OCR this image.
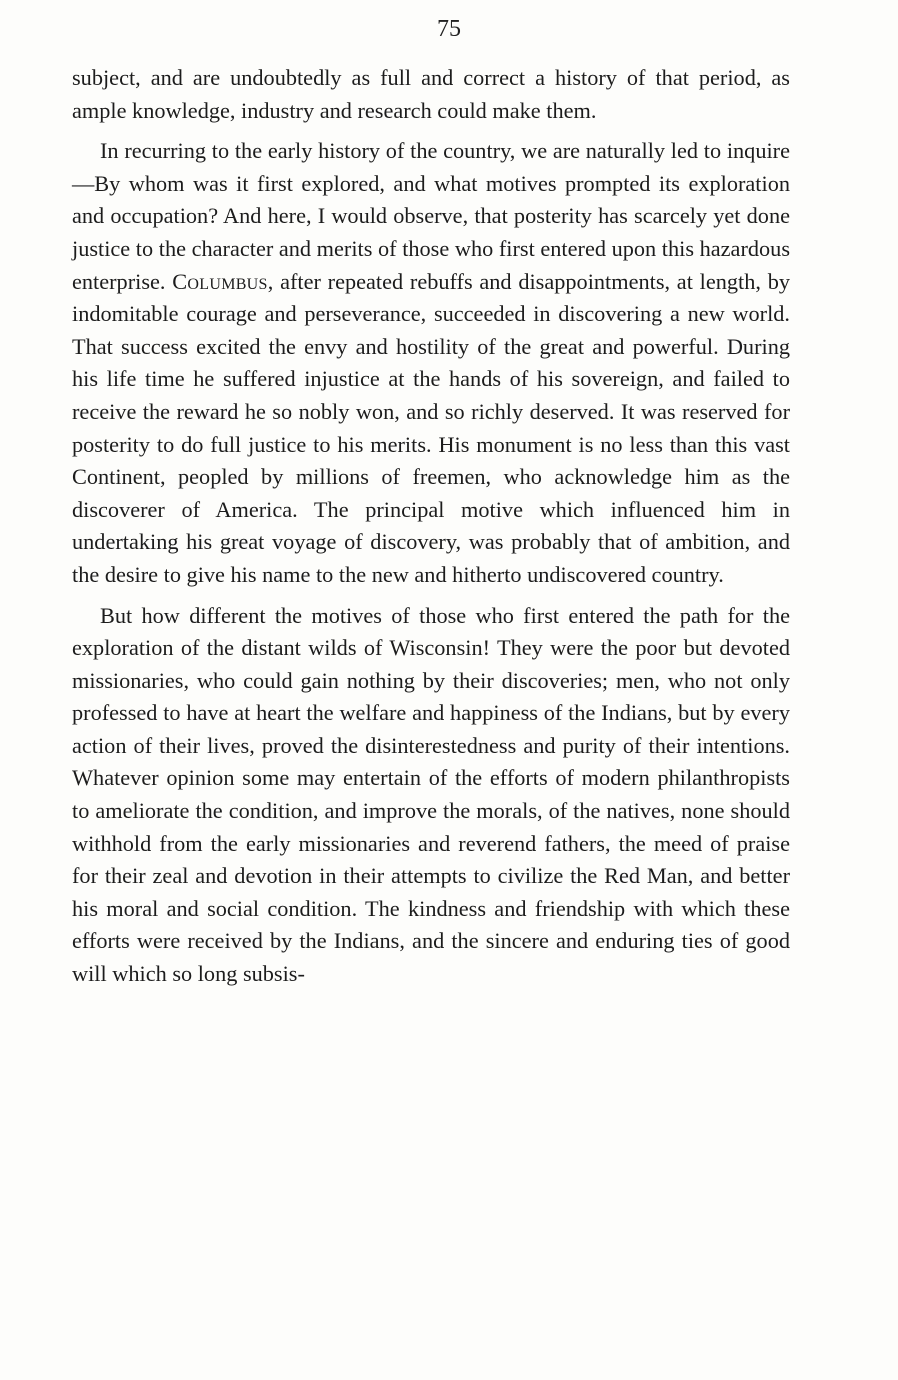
75

subject, and are undoubtedly as full and correct a history of that period, as ample knowledge, industry and research could make them.

In recurring to the early history of the country, we are naturally led to inquire—By whom was it first explored, and what motives prompted its exploration and occupation? And here, I would observe, that posterity has scarcely yet done justice to the character and merits of those who first entered upon this hazardous enterprise. Columbus, after repeated rebuffs and disappointments, at length, by indomitable courage and perseverance, succeeded in discovering a new world. That success excited the envy and hostility of the great and powerful. During his life time he suffered injustice at the hands of his sovereign, and failed to receive the reward he so nobly won, and so richly deserved. It was reserved for posterity to do full justice to his merits. His monument is no less than this vast Continent, peopled by millions of freemen, who acknowledge him as the discoverer of America. The principal motive which influenced him in undertaking his great voyage of discovery, was probably that of ambition, and the desire to give his name to the new and hitherto undiscovered country.

But how different the motives of those who first entered the path for the exploration of the distant wilds of Wisconsin! They were the poor but devoted missionaries, who could gain nothing by their discoveries; men, who not only professed to have at heart the welfare and happiness of the Indians, but by every action of their lives, proved the disinterestedness and purity of their intentions. Whatever opinion some may entertain of the efforts of modern philanthropists to ameliorate the condition, and improve the morals, of the natives, none should withhold from the early missionaries and reverend fathers, the meed of praise for their zeal and devotion in their attempts to civilize the Red Man, and better his moral and social condition. The kindness and friendship with which these efforts were received by the Indians, and the sincere and enduring ties of good will which so long subsis-
